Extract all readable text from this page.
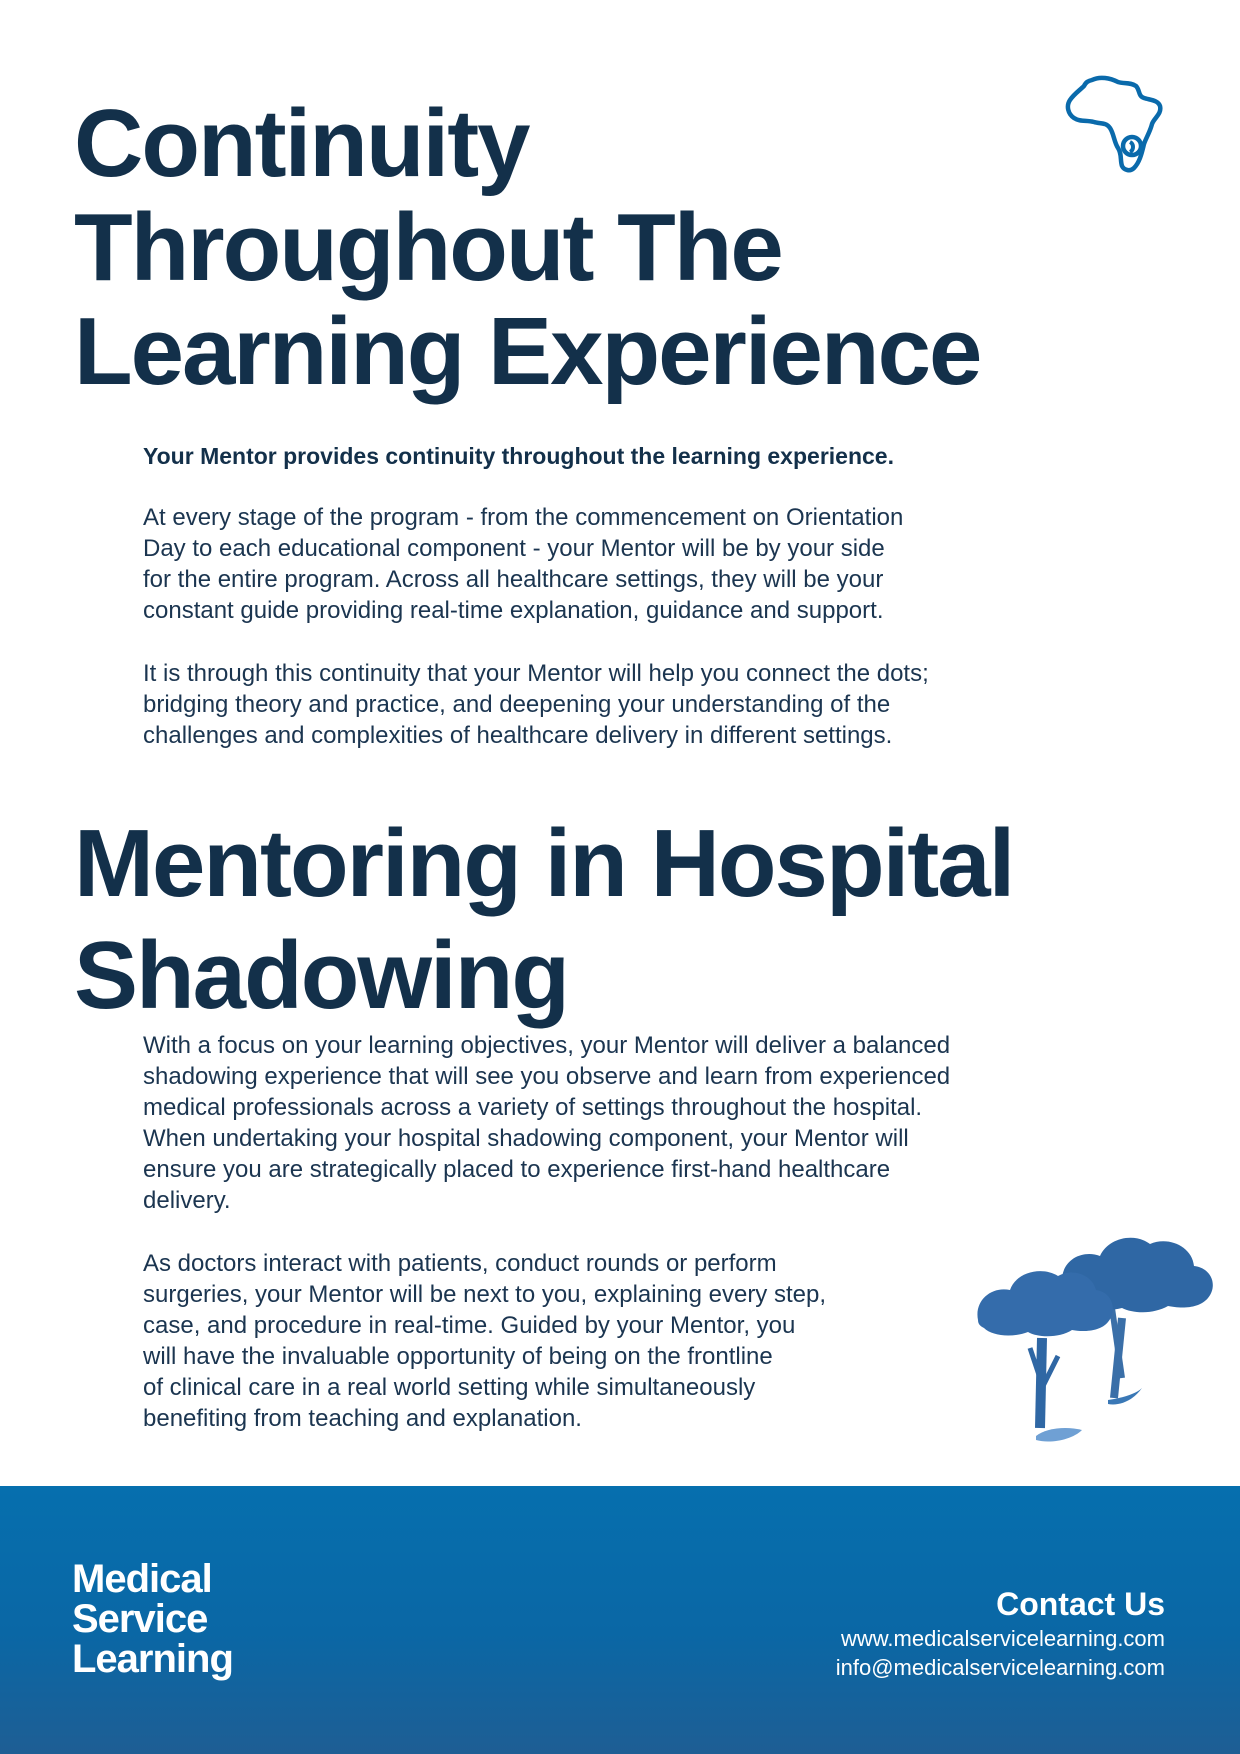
Continuity
Throughout The
Learning Experience

Your Mentor provides continuity throughout the learning experience.

At every stage of the program - from the commencement on Orientation
Day to each educational component - your Mentor will be by your side
for the entire program. Across all healthcare settings, they will be your
constant guide providing real-time explanation, guidance and support.

It is through this continuity that your Mentor will help you connect the dots;
bridging theory and practice, and deepening your understanding of the
challenges and complexities of healthcare delivery in different settings.

Mentoring in Hospital
Shadowing

With a focus on your learning objectives, your Mentor will deliver a balanced
shadowing experience that will see you observe and learn from experienced
medical professionals across a variety of settings throughout the hospital.
When undertaking your hospital shadowing component, your Mentor will
ensure you are strategically placed to experience first-hand healthcare
delivery.

As doctors interact with patients, conduct rounds or perform
surgeries, your Mentor will be next to you, explaining every step,
case, and procedure in real-time. Guided by your Mentor, you
will have the invaluable opportunity of being on the frontline
of clinical care in a real world setting while simultaneously
benefiting from teaching and explanation.

Medical
Service
Learning
Contact Us
www.medicalservicelearning.com
info@medicalservicelearning.com
